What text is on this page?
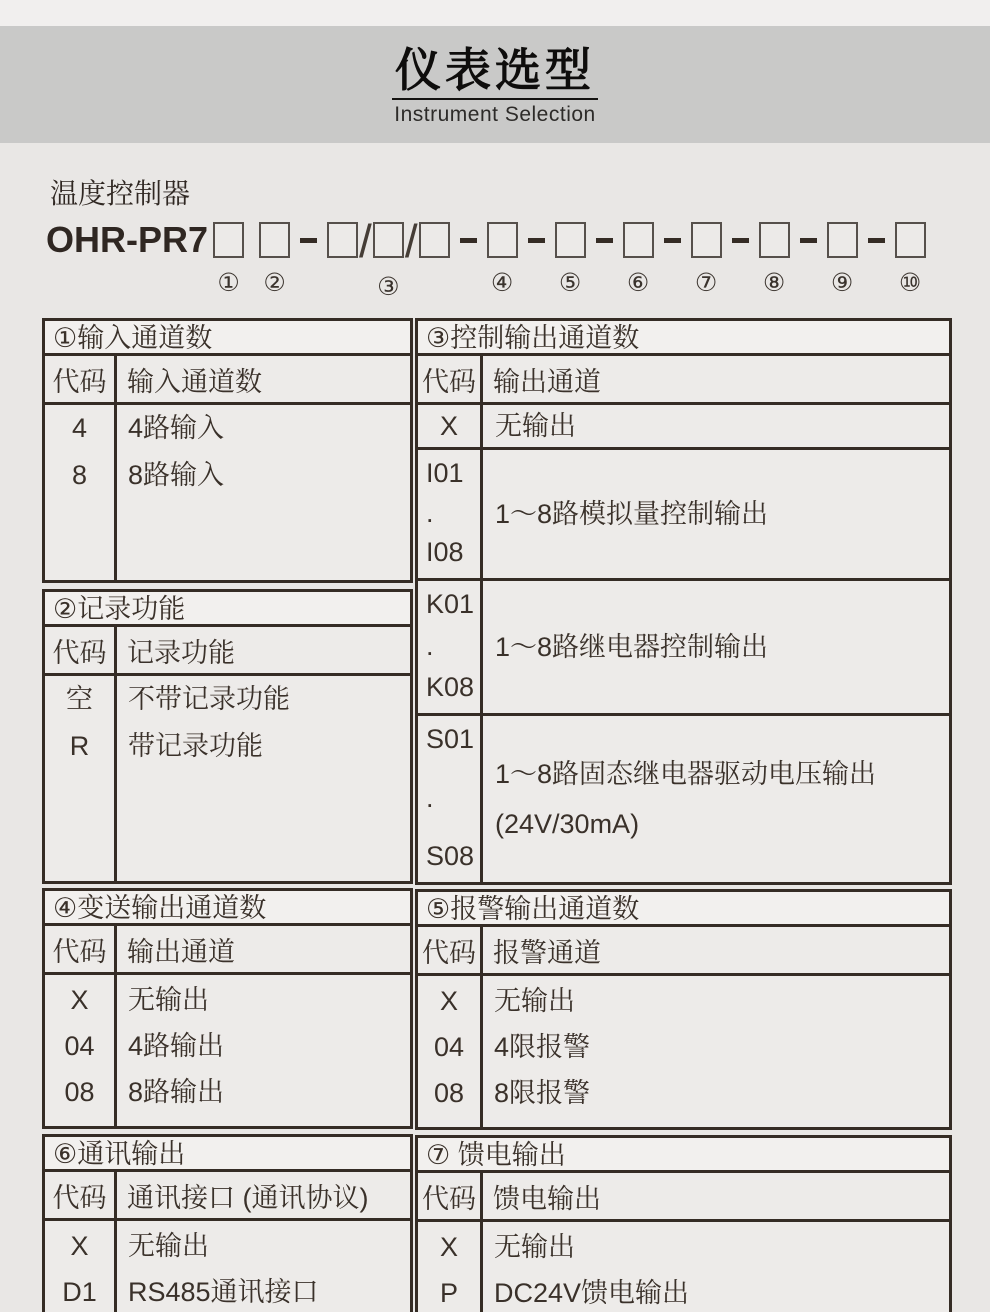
仪表选型
Instrument Selection
温度控制器
OHR-PR7
① ②
/ /
③	④ ⑤ ⑥ ⑦ ⑧ ⑨ ⑩
①输入通道数
代码 输入通道数
4
8
4路输入
8路输入
②记录功能
代码 记录功能
空
R
不带记录功能
带记录功能
④变送输出通道数
代码 输出通道
X
04
08
无输出
4路输出
8路输出
⑥通讯输出
代码 通讯接口 (通讯协议)
X
D1
无输出
RS485通讯接口
③控制输出通道数
代码 输出通道
X	无输出
I01
.
I08
1～8路模拟量控制输出
K01
.
K08
1～8路继电器控制输出
S01
.
S08
1～8路固态继电器驱动电压输出
(24V/30mA)
⑤报警输出通道数
代码 报警通道
X
04
08
无输出
4限报警
8限报警
⑦ 馈电输出
代码 馈电输出
X
P
无输出
DC24V馈电输出
